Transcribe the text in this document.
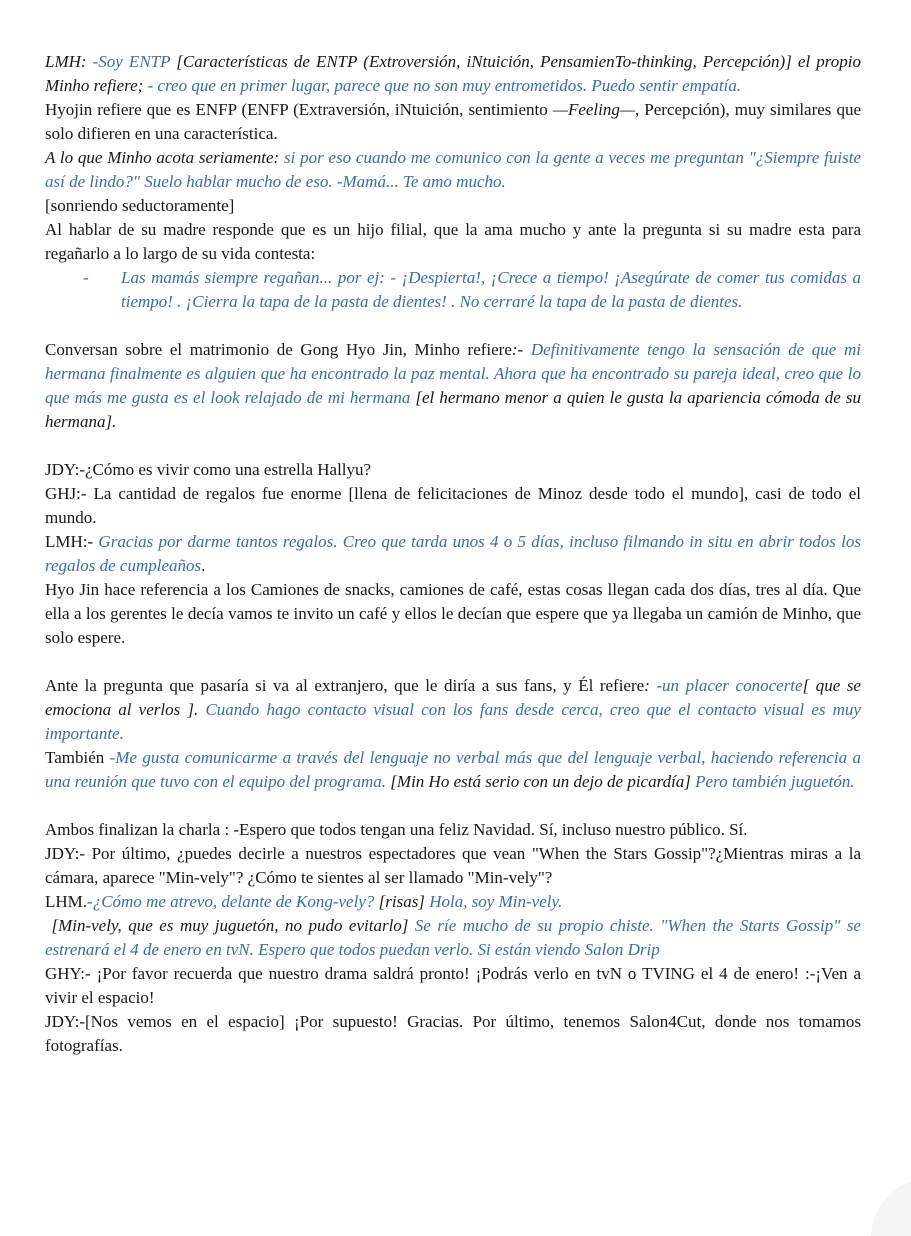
LMH: -Soy ENTP [Características de ENTP (Extroversión, iNtuición, PensamienTo-thinking, Percepción)] el propio Minho refiere; - creo que en primer lugar, parece que no son muy entrometidos. Puedo sentir empatía.

Hyojin refiere que es ENFP (ENFP (Extraversión, iNtuición, sentimiento —Feeling—, Percepción), muy similares que solo difieren en una característica.

A lo que Minho acota seriamente: si por eso cuando me comunico con la gente a veces me preguntan "¿Siempre fuiste así de lindo?" Suelo hablar mucho de eso. -Mamá... Te amo mucho.

[sonriendo seductoramente]

Al hablar de su madre responde que es un hijo filial, que la ama mucho y ante la pregunta si su madre esta para regañarlo a lo largo de su vida contesta:

- Las mamás siempre regañan... por ej: - ¡Despierta!, ¡Crece a tiempo! ¡Asegúrate de comer tus comidas a tiempo! . ¡Cierra la tapa de la pasta de dientes! . No cerraré la tapa de la pasta de dientes.

Conversan sobre el matrimonio de Gong Hyo Jin, Minho refiere:- Definitivamente tengo la sensación de que mi hermana finalmente es alguien que ha encontrado la paz mental. Ahora que ha encontrado su pareja ideal, creo que lo que más me gusta es el look relajado de mi hermana [el hermano menor a quien le gusta la apariencia cómoda de su hermana].

JDY:-¿Cómo es vivir como una estrella Hallyu?

GHJ:- La cantidad de regalos fue enorme [llena de felicitaciones de Minoz desde todo el mundo], casi de todo el mundo.

LMH:- Gracias por darme tantos regalos. Creo que tarda unos 4 o 5 días, incluso filmando in situ en abrir todos los regalos de cumpleaños.

Hyo Jin hace referencia a los Camiones de snacks, camiones de café, estas cosas llegan cada dos días, tres al día. Que ella a los gerentes le decía vamos te invito un café y ellos le decían que espere que ya llegaba un camión de Minho, que solo espere.

Ante la pregunta que pasaría si va al extranjero, que le diría a sus fans, y Él refiere: -un placer conocerte[ que se emociona al verlos ]. Cuando hago contacto visual con los fans desde cerca, creo que el contacto visual es muy importante.

También -Me gusta comunicarme a través del lenguaje no verbal más que del lenguaje verbal, haciendo referencia a una reunión que tuvo con el equipo del programa. [Min Ho está serio con un dejo de picardía] Pero también juguetón.

Ambos finalizan la charla : -Espero que todos tengan una feliz Navidad. Sí, incluso nuestro público. Sí.

JDY:- Por último, ¿puedes decirle a nuestros espectadores que vean "When the Stars Gossip"?¿Mientras miras a la cámara, aparece "Min-vely"? ¿Cómo te sientes al ser llamado "Min-vely"?

LHM.-¿Cómo me atrevo, delante de Kong-vely? [risas] Hola, soy Min-vely.

[Min-vely, que es muy juguetón, no pudo evitarlo] Se ríe mucho de su propio chiste. "When the Starts Gossip" se estrenará el 4 de enero en tvN. Espero que todos puedan verlo. Si están viendo Salon Drip

GHY:- ¡Por favor recuerda que nuestro drama saldrá pronto! ¡Podrás verlo en tvN o TVING el 4 de enero! :-¡Ven a vivir el espacio!

JDY:-[Nos vemos en el espacio] ¡Por supuesto! Gracias. Por último, tenemos Salon4Cut, donde nos tomamos fotografías.
